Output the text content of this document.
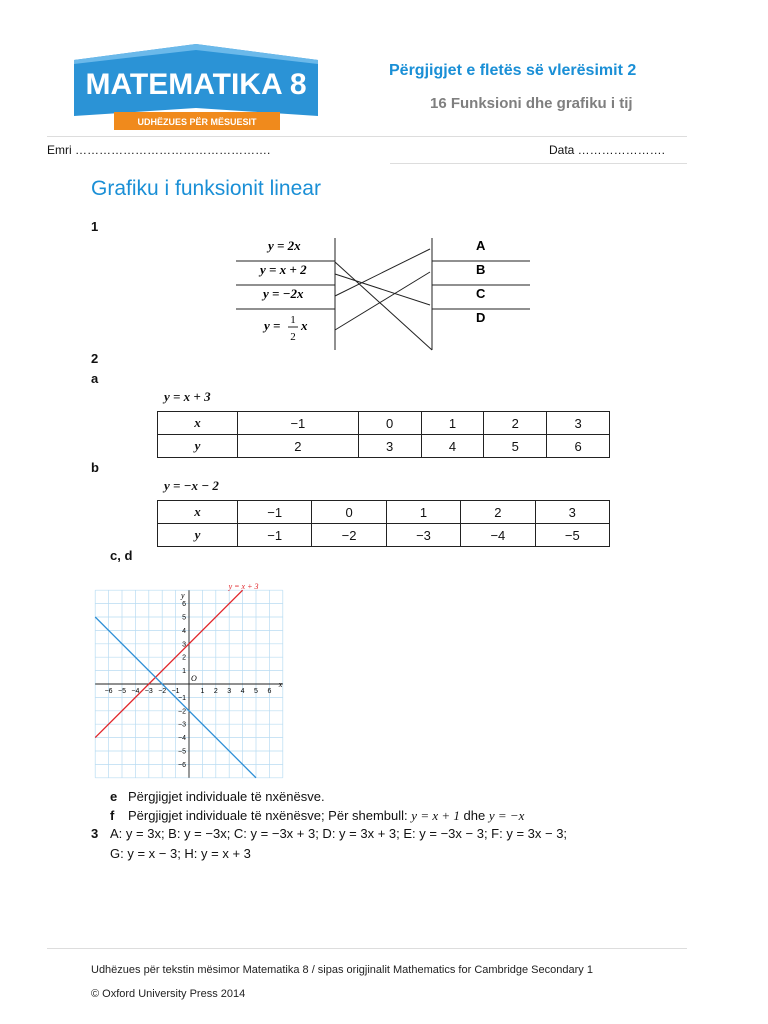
MATEMATIKA 8
UDHËZUES PËR MËSUESIT
Përgjigjet e fletës së vlerësimit 2
16 Funksioni dhe grafiku i tij
Emri ………………………………………….	Data ………………….
Grafiku i funksionit linear
1
y = 2x
y = x + 2
y = −2x
y = 1
2
x
A
B
C
D
2
a
y = x + 3
x	−1	0	1	2	3
y	2	3	4	5	6
b
y = −x − 2
x	−1	0	1	2	3
y	−1	−2	−3	−4	−5
c, d
x
y
O
−6 −5 −4 −3 −2 −1	1 2 3 4 5 6
6
5
4
3
2
1
−1
−2
−3
−4
−5
−6
y = x + 3
e Përgjigjet individuale të nxënësve.
f Përgjigjet individuale të nxënësve; Për shembull: y = x + 1 dhe y = −x
3 A: y = 3x; B: y = −3x; C: y = −3x + 3; D: y = 3x + 3; E: y = −3x − 3; F: y = 3x − 3;
G: y = x − 3; H: y = x + 3
Udhëzues për tekstin mësimor Matematika 8 / sipas origjinalit Mathematics for Cambridge Secondary 1
© Oxford University Press 2014
